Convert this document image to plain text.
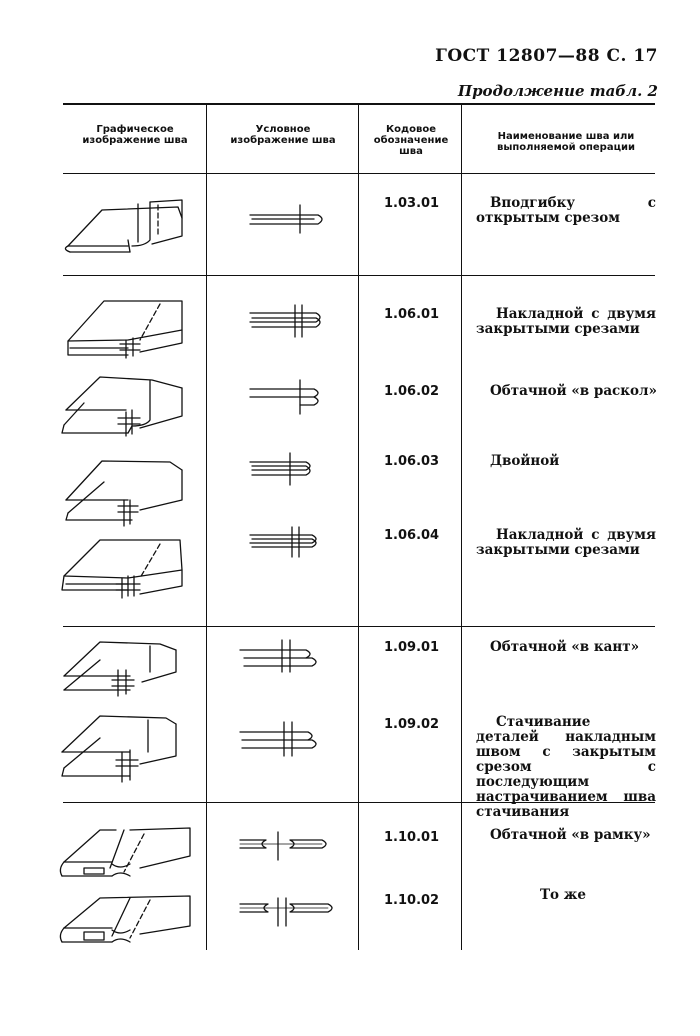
ГОСТ 12807—88 С. 17
Продолжение табл. 2
Графическое изображение шва
Условное изображение шва
Кодовое обозначение шва
Наименование шва или выполняемой операции
1.03.01
1.06.01
1.06.02
1.06.03
1.06.04
1.09.01
1.09.02
1.10.01
1.10.02
Вподгибку с открытым срезом
Накладной с двумя закрытыми срезами
Обтачной «в раскол»
Двойной
Накладной с двумя закрытыми срезами
Обтачной «в кант»
Стачивание деталей накладным швом с закрытым срезом с последующим настрачиванием шва стачивания
Обтачной «в рамку»
То же
